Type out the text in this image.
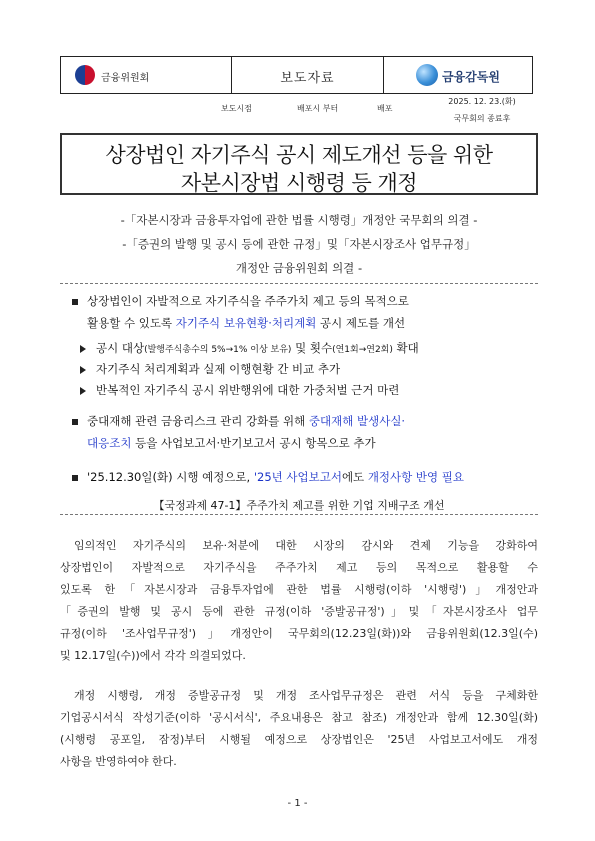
금융위원회	보도자료	금융감독원
보도시점	배포시 부터	배포
2025. 12. 23.(화)
국무회의 종료후
상장법인 자기주식 공시 제도개선 등을 위한
자본시장법 시행령 등 개정
-「자본시장과 금융투자업에 관한 법률 시행령」개정안 국무회의 의결 -
-「증권의 발행 및 공시 등에 관한 규정」및「자본시장조사 업무규정」
개정안 금융위원회 의결 -
상장법인이 자발적으로 자기주식을 주주가치 제고 등의 목적으로
활용할 수 있도록 자기주식 보유현황·처리계획 공시 제도를 개선
공시 대상(발행주식총수의 5%→1% 이상 보유) 및 횟수(연1회→연2회) 확대
자기주식 처리계획과 실제 이행현황 간 비교 추가
반복적인 자기주식 공시 위반행위에 대한 가중처벌 근거 마련
중대재해 관련 금융리스크 관리 강화를 위해 중대재해 발생사실·
대응조치 등을 사업보고서·반기보고서 공시 항목으로 추가
'25.12.30일(화) 시행 예정으로, '25년 사업보고서에도 개정사항 반영 필요
【국정과제 47-1】주주가치 제고를 위한 기업 지배구조 개선
임의적인 자기주식의 보유·처분에 대한 시장의 감시와 견제 기능을 강화하여
상장법인이 자발적으로 자기주식을 주주가치 제고 등의 목적으로 활용할 수
있도록 한「자본시장과 금융투자업에 관한 법률 시행령(이하 '시행령')」개정안과
「증권의 발행 및 공시 등에 관한 규정(이하 '증발공규정')」및「자본시장조사 업무
규정(이하 '조사업무규정')」개정안이 국무회의(12.23일(화))와 금융위원회(12.3일(수)
및 12.17일(수))에서 각각 의결되었다.
개정 시행령, 개정 증발공규정 및 개정 조사업무규정은 관련 서식 등을 구체화한
기업공시서식 작성기준(이하 '공시서식', 주요내용은 참고 참조) 개정안과 함께 12.30일(화)
(시행령 공포일, 잠정)부터 시행될 예정으로 상장법인은 '25년 사업보고서에도 개정
사항을 반영하여야 한다.
- 1 -
